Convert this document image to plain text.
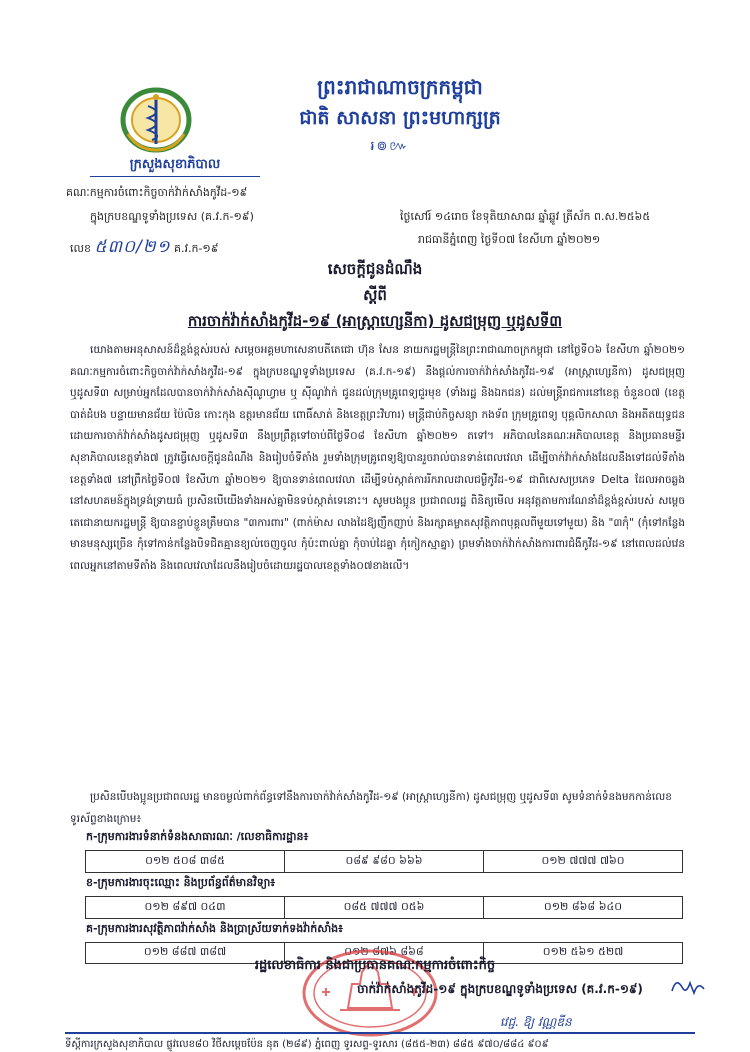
ព្រះរាជាណាចក្រកម្ពុជា
ជាតិ សាសនា ព្រះមហាក្សត្រ
៛៙៚
ក្រសួងសុខាភិបាល
គណៈកម្មការចំពោះកិច្ចចាក់វ៉ាក់សាំងកូវីដ-១៩
ក្នុងក្របខណ្ឌទូទាំងប្រទេស (គ.វ.ក-១៩)
លេខ ៥៣០/២១ គ.វ.ក-១៩
ថ្ងៃសៅរ៍ ១៤រោច ខែទុតិយាសាឍ ឆ្នាំឆ្លូវ ត្រីស័ក ព.ស.២៥៦៥
រាជធានីភ្នំពេញ ថ្ងៃទី០៧ ខែសីហា ឆ្នាំ២០២១
សេចក្តីជូនដំណឹង
ស្តីពី
ការចាក់វ៉ាក់សាំងកូវីដ-១៩ (អាស្ត្រាហ្សេនីកា) ដូសជម្រុញ ឬដូសទី៣
យោងតាមអនុសាសន៍ដ៏ខ្ពង់ខ្ពស់របស់ សម្តេចអគ្គមហាសេនាបតីតេជោ ហ៊ុន សែន នាយករដ្ឋមន្ត្រីនៃព្រះរាជាណាចក្រកម្ពុជា នៅថ្ងៃទី០៦ ខែសីហា ឆ្នាំ២០២១ គណៈកម្មការចំពោះកិច្ចចាក់វ៉ាក់សាំងកូវីដ-១៩ ក្នុងក្របខណ្ឌទូទាំងប្រទេស (គ.វ.ក-១៩) នឹងផ្តល់ការចាក់វ៉ាក់សាំងកូវីដ-១៩ (អាស្ត្រាហ្សេនីកា) ដូសជម្រុញ ឬដូសទី៣ សម្រាប់អ្នកដែលបានចាក់វ៉ាក់សាំងស៊ីណូហ្វាម ឬ ស៊ីណូវ៉ាក់ ជូនដល់ក្រុមគ្រូពេទ្យជួរមុខ (ទាំងរដ្ឋ និងឯកជន) ដល់មន្ត្រីរាជការនៅខេត្ត ចំនួន០៧ (ខេត្តបាត់ដំបង បន្ទាយមានជ័យ ប៉ៃលិន កោះកុង ឧត្តរមានជ័យ ពោធិ៍សាត់ និងខេត្តព្រះវិហារ) មន្ត្រីជាប់កិច្ចសន្យា កងទ័ព ក្រុមគ្រូពេទ្យ បុគ្គលិកសាលា និងអតីតយុទ្ធជន ដោយការចាក់វ៉ាក់សាំងដូសជម្រុញ ឬដូសទី៣ នឹងប្រព្រឹត្តទៅចាប់ពីថ្ងៃទី០៨ ខែសីហា ឆ្នាំ២០២១ តទៅ។ អភិបាលនៃគណៈអភិបាលខេត្ត និងប្រធានមន្ទីរសុខាភិបាលខេត្តទាំង៧ ត្រូវធ្វើសេចក្តីជូនដំណឹង និងរៀបចំទីតាំង រួមទាំងក្រុមគ្រូពេទ្យឱ្យបានរួចរាល់បានទាន់ពេលវេលា ដើម្បីចាក់វ៉ាក់សាំងដែលនឹងទៅដល់ទីតាំងខេត្តទាំង៧ នៅព្រឹកថ្ងៃទី០៧ ខែសីហា ឆ្នាំ២០២១ ឱ្យបានទាន់ពេលវេលា ដើម្បីទប់ស្កាត់ការរីករាលដាលជម្ងឺកូវីដ-១៩ ជាពិសេសប្រភេទ Delta ដែលអាចឆ្លងនៅសហគមន៍ក្នុងទ្រង់ទ្រាយធំ ប្រសិនបើយើងទាំងអស់គ្នាមិនទប់ស្កាត់ទេនោះ។ សូមបងប្អូន ប្រជាពលរដ្ឋ ពិនិត្យមើល អនុវត្តតាមការណែនាំដ៏ខ្ពង់ខ្ពស់របស់ សម្តេចតេជោនាយករដ្ឋមន្ត្រី ឱ្យបានខ្ជាប់ខ្ជួនត្រឹមបាន "៣ការពារ" (ពាក់ម៉ាស លាងដៃឱ្យញឹកញាប់ និងរក្សាគម្លាតសុវត្ថិភាពបុគ្គលពីមួយទៅមួយ) និង "៣កុំ" (កុំទៅកន្លែងមានមនុស្សច្រើន កុំទៅកាន់កន្លែងបិទជិតគ្មានខ្យល់ចេញចូល កុំប៉ះពាល់គ្នា កុំចាប់ដៃគ្នា កុំកៀកស្មាគ្នា) ព្រមទាំងចាក់វ៉ាក់សាំងការពារជំងឺកូវីដ-១៩ នៅពេលដល់វេនពេលអ្នកនៅតាមទីតាំង និងពេលវេលាដែលនឹងរៀបចំដោយរដ្ឋបាលខេត្តទាំង០៧ខាងលើ។
ប្រសិនបើបងប្អូនប្រជាពលរដ្ឋ មានចម្ងល់ពាក់ព័ន្ធទៅនឹងការចាក់វ៉ាក់សាំងកូវីដ-១៩ (អាស្ត្រាហ្សេនីកា) ដូសជម្រុញ ឬដូសទី៣ សូមទំនាក់ទំនងមកកាន់លេខទូរស័ព្ទខាងក្រោម៖
ក-ក្រុមការងារទំនាក់ទំនងសាធារណៈ /លេខាធិការដ្ឋាន៖
០១២ ៥០៨ ៣៨៥	០៨៩ ៩៨០ ៦៦៦	០១២ ៧៧៧ ៧៦០
ខ-ក្រុមការងារចុះឈ្មោះ និងប្រព័ន្ធព័ត៌មានវិទ្យា៖
០១២ ៨៩៧ ០៤៣	០៨៥ ៧៧៧ ០៥៦	០១២ ៨៦៨ ៦៤០
គ-ក្រុមការងារសុវត្ថិភាពវ៉ាក់សាំង និងប្រាស្រ័យទាក់ទងវ៉ាក់សាំង៖
០១២ ៨៨៧ ៣៨៧	០១២ ៨៧៦ ៨៦៨	០១២ ៥៦១ ៥២៧
រដ្ឋលេខាធិការ និងជាប្រធានគណៈកម្មការចំពោះកិច្ច
ចាក់វ៉ាក់សាំងកូវីដ-១៩ ក្នុងក្របខណ្ឌទូទាំងប្រទេស (គ.វ.ក-១៩)
វេជ្ជ. ឱ្យ វណ្ណឌីន
ទីស្តីការក្រសួងសុខាភិបាល ផ្លូវលេខ៨០ វិថីសម្តេចប៉ែន នុត (២៨៩) ភ្នំពេញ ទូរសព្ទ-ទូរសារ (៨៥៥-២៣) ៨៨៥ ៩៧០/៨៨៤ ៩០៩
